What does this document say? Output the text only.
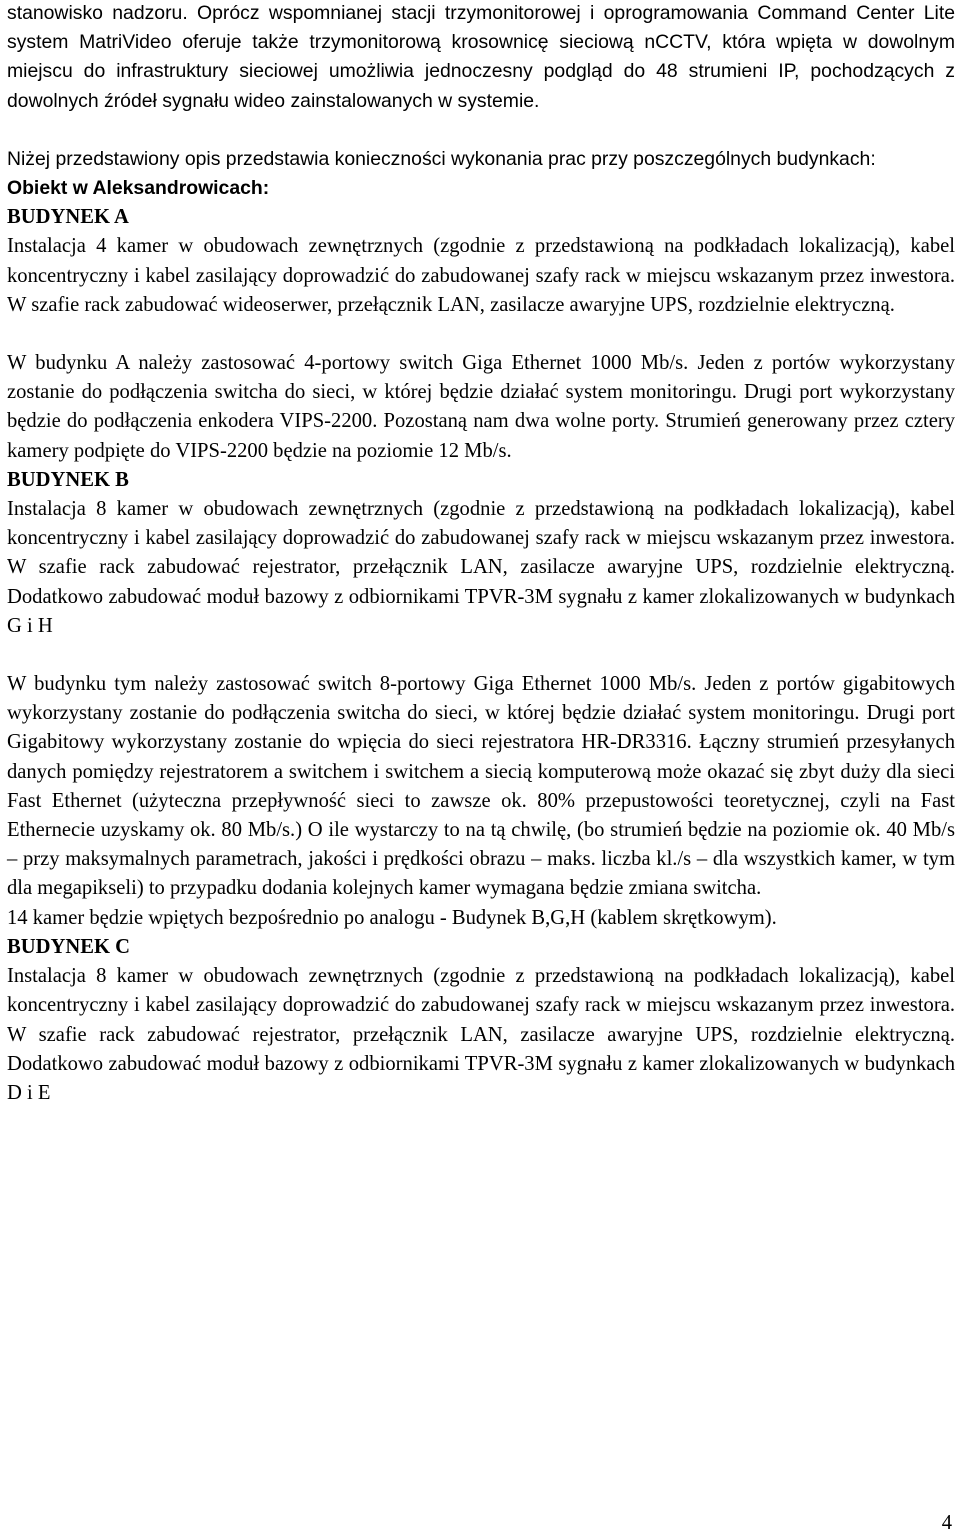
stanowisko nadzoru. Oprócz wspomnianej stacji trzymonitorowej i oprogramowania Command Center Lite system MatriVideo oferuje także trzymonitorową krosownicę sieciową nCCTV, która wpięta w dowolnym miejscu do infrastruktury sieciowej umożliwia jednoczesny podgląd do 48 strumieni IP, pochodzących z dowolnych źródeł sygnału wideo zainstalowanych w systemie.

Niżej przedstawiony opis przedstawia konieczności wykonania prac przy poszczególnych budynkach:

Obiekt w Aleksandrowicach:

BUDYNEK A

Instalacja 4 kamer w obudowach zewnętrznych (zgodnie z przedstawioną na podkładach lokalizacją), kabel koncentryczny i kabel zasilający doprowadzić do zabudowanej szafy rack w miejscu wskazanym przez inwestora. W szafie rack zabudować wideoserwer, przełącznik LAN, zasilacze awaryjne UPS, rozdzielnie elektryczną.

W budynku A należy zastosować 4-portowy switch Giga Ethernet 1000 Mb/s. Jeden z portów wykorzystany zostanie do podłączenia switcha do sieci, w której będzie działać system monitoringu. Drugi port wykorzystany będzie do podłączenia enkodera VIPS-2200. Pozostaną nam dwa wolne porty. Strumień generowany przez cztery kamery podpięte do VIPS-2200 będzie na poziomie 12 Mb/s.

BUDYNEK B

Instalacja 8 kamer w obudowach zewnętrznych (zgodnie z przedstawioną na podkładach lokalizacją), kabel koncentryczny i kabel zasilający doprowadzić do zabudowanej szafy rack w miejscu wskazanym przez inwestora. W szafie rack zabudować rejestrator, przełącznik LAN, zasilacze awaryjne UPS, rozdzielnie elektryczną. Dodatkowo zabudować moduł bazowy z odbiornikami TPVR-3M sygnału z kamer zlokalizowanych w budynkach G i H

W budynku tym należy zastosować switch 8-portowy Giga Ethernet 1000 Mb/s. Jeden z portów gigabitowych wykorzystany zostanie do podłączenia switcha do sieci, w której będzie działać system monitoringu. Drugi port Gigabitowy wykorzystany zostanie do wpięcia do sieci rejestratora HR-DR3316. Łączny strumień przesyłanych danych pomiędzy rejestratorem a switchem i switchem a siecią komputerową może okazać się zbyt duży dla sieci Fast Ethernet (użyteczna przepływność sieci to zawsze ok. 80% przepustowości teoretycznej, czyli na Fast Ethernecie uzyskamy ok. 80 Mb/s.) O ile wystarczy to na tą chwilę, (bo strumień będzie na poziomie ok. 40 Mb/s – przy maksymalnych parametrach, jakości i prędkości obrazu – maks. liczba kl./s – dla wszystkich kamer, w tym dla megapikseli) to przypadku dodania kolejnych kamer wymagana będzie zmiana switcha.

14 kamer będzie wpiętych bezpośrednio po analogu - Budynek B,G,H (kablem skrętkowym).

BUDYNEK C

Instalacja 8 kamer w obudowach zewnętrznych (zgodnie z przedstawioną na podkładach lokalizacją), kabel koncentryczny i kabel zasilający doprowadzić do zabudowanej szafy rack w miejscu wskazanym przez inwestora. W szafie rack zabudować rejestrator, przełącznik LAN, zasilacze awaryjne UPS, rozdzielnie elektryczną. Dodatkowo zabudować moduł bazowy z odbiornikami TPVR-3M sygnału z kamer zlokalizowanych w budynkach D i E

4
